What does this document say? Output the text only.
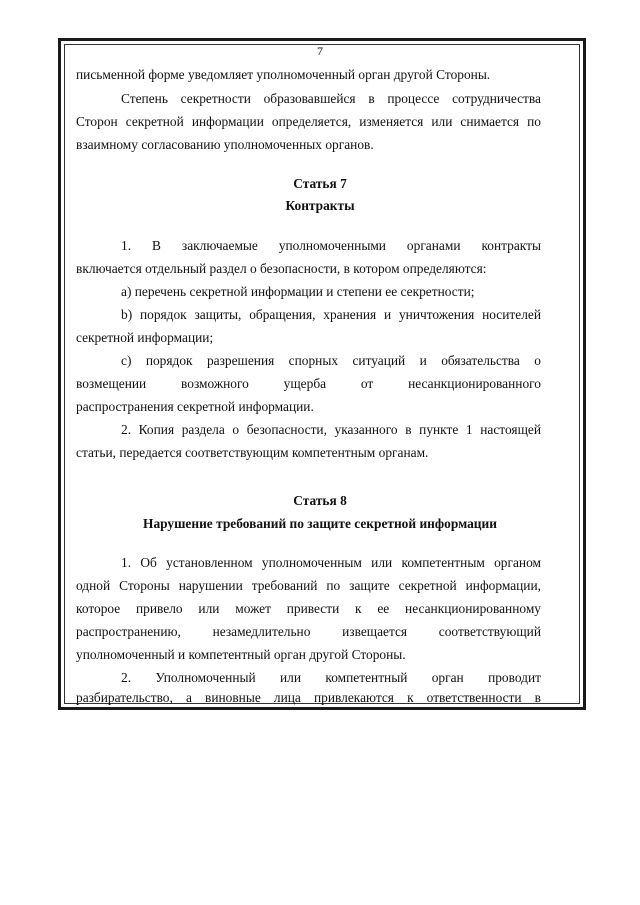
7
письменной форме уведомляет уполномоченный орган другой Стороны.
Степень секретности образовавшейся в процессе сотрудничества
Сторон секретной информации определяется, изменяется или снимается по
взаимному согласованию уполномоченных органов.
Статья 7
Контракты
1. В заключаемые уполномоченными органами контракты
включается отдельный раздел о безопасности, в котором определяются:
a) перечень секретной информации и степени ее секретности;
b) порядок защиты, обращения, хранения и уничтожения носителей
секретной информации;
c) порядок разрешения спорных ситуаций и обязательства о
возмещении возможного ущерба от несанкционированного
распространения секретной информации.
2. Копия раздела о безопасности, указанного в пункте 1 настоящей
статьи, передается соответствующим компетентным органам.
Статья 8
Нарушение требований по защите секретной информации
1. Об установленном уполномоченным или компетентным органом
одной Стороны нарушении требований по защите секретной информации,
которое привело или может привести к ее несанкционированному
распространению, незамедлительно извещается соответствующий
уполномоченный и компетентный орган другой Стороны.
2. Уполномоченный или компетентный орган проводит
разбирательство, а виновные лица привлекаются к ответственности в
